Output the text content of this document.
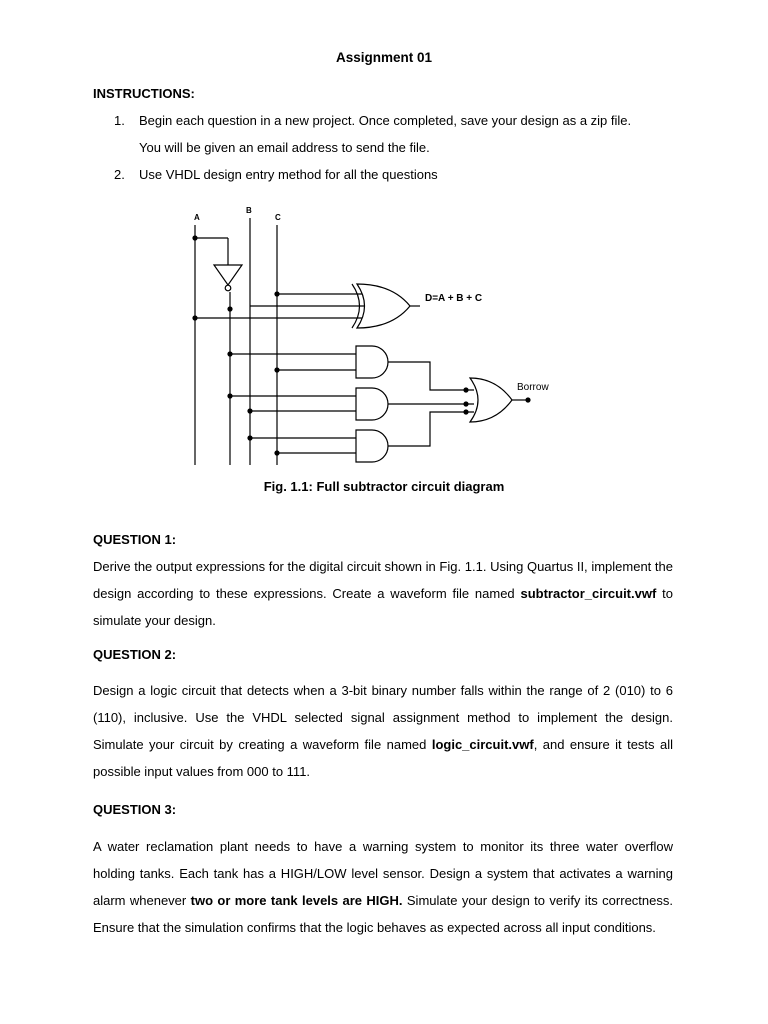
Assignment 01
INSTRUCTIONS:
1. Begin each question in a new project. Once completed, save your design as a zip file.
You will be given an email address to send the file.
2. Use VHDL design entry method for all the questions
A
B
C
D=A + B + C
Borrow
Fig. 1.1: Full subtractor circuit diagram
QUESTION 1:
Derive the output expressions for the digital circuit shown in Fig. 1.1. Using Quartus II, implement the design according to these expressions. Create a waveform file named subtractor_circuit.vwf to simulate your design.
QUESTION 2:
Design a logic circuit that detects when a 3-bit binary number falls within the range of 2 (010) to 6 (110), inclusive. Use the VHDL selected signal assignment method to implement the design. Simulate your circuit by creating a waveform file named logic_circuit.vwf, and ensure it tests all possible input values from 000 to 111.
QUESTION 3:
A water reclamation plant needs to have a warning system to monitor its three water overflow holding tanks. Each tank has a HIGH/LOW level sensor. Design a system that activates a warning alarm whenever two or more tank levels are HIGH. Simulate your design to verify its correctness. Ensure that the simulation confirms that the logic behaves as expected across all input conditions.
